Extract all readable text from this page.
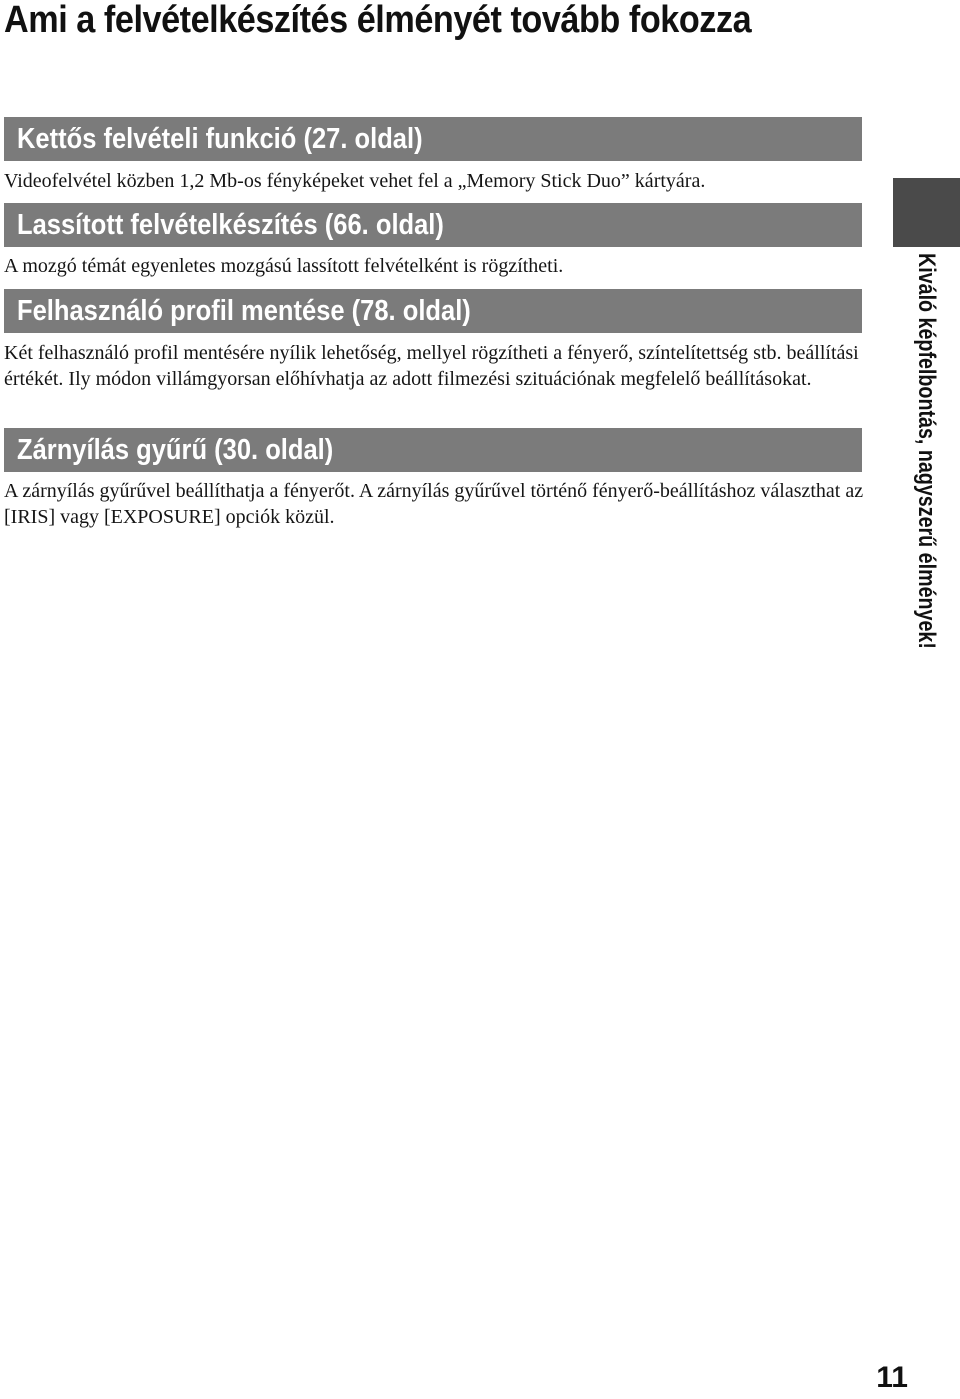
Ami a felvételkészítés élményét tovább fokozza
Kettős felvételi funkció (27. oldal)

Videofelvétel közben 1,2 Mb-os fényképeket vehet fel a „Memory Stick Duo” kártyára.

Lassított felvételkészítés (66. oldal)

A mozgó témát egyenletes mozgású lassított felvételként is rögzítheti.

Felhasználó profil mentése (78. oldal)

Két felhasználó profil mentésére nyílik lehetőség, mellyel rögzítheti a fényerő, színtelítettség stb. beállítási értékét. Ily módon villámgyorsan előhívhatja az adott filmezési szituációnak megfelelő beállításokat.

Zárnyílás gyűrű (30. oldal)

A zárnyílás gyűrűvel beállíthatja a fényerőt. A zárnyílás gyűrűvel történő fényerő-beállításhoz választhat az [IRIS] vagy [EXPOSURE] opciók közül.	Kiváló képfelbontás, nagyszerű élmények!
11
